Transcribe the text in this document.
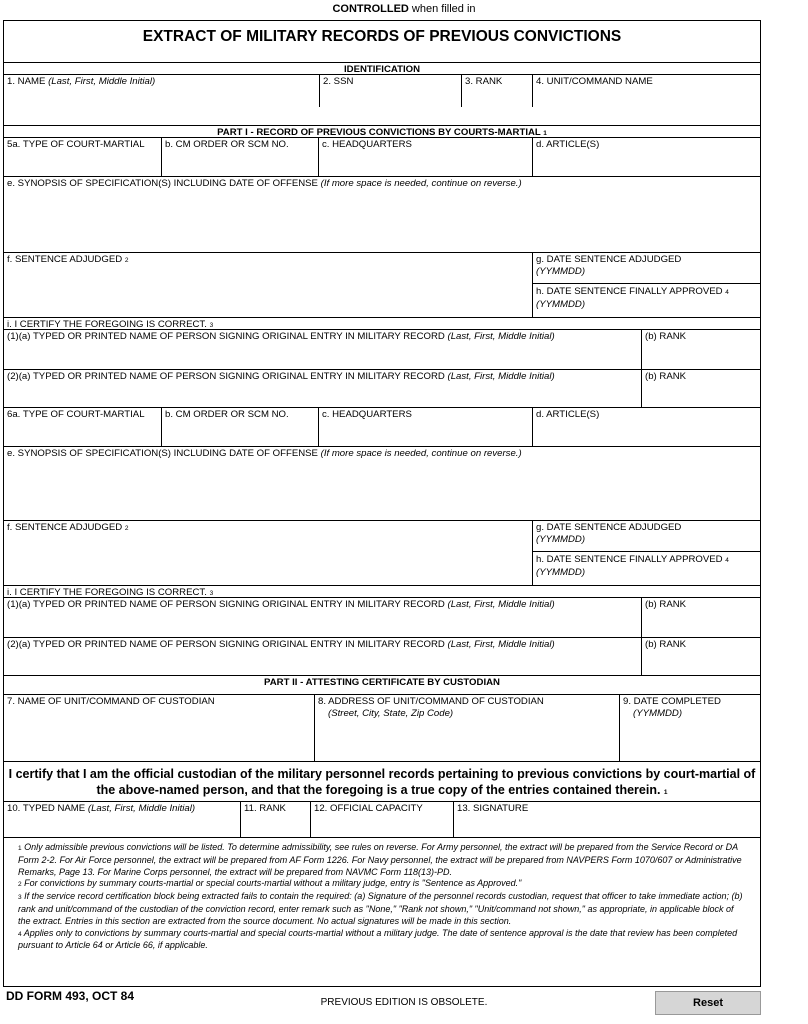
CONTROLLED when filled in
EXTRACT OF MILITARY RECORDS OF PREVIOUS CONVICTIONS
IDENTIFICATION
1. NAME (Last, First, Middle Initial)	2. SSN	3. RANK	4. UNIT/COMMAND NAME
PART I - RECORD OF PREVIOUS CONVICTIONS BY COURTS-MARTIAL 1
5a. TYPE OF COURT-MARTIAL	b. CM ORDER OR SCM NO.	c. HEADQUARTERS	d. ARTICLE(S)
e. SYNOPSIS OF SPECIFICATION(S) INCLUDING DATE OF OFFENSE (If more space is needed, continue on reverse.)
f. SENTENCE ADJUDGED 2	g. DATE SENTENCE ADJUDGED
(YYMMDD)
h. DATE SENTENCE FINALLY APPROVED 4
(YYMMDD)
i. I CERTIFY THE FOREGOING IS CORRECT. 3
(1)(a) TYPED OR PRINTED NAME OF PERSON SIGNING ORIGINAL ENTRY IN MILITARY RECORD (Last, First, Middle Initial)	(b) RANK
(2)(a) TYPED OR PRINTED NAME OF PERSON SIGNING ORIGINAL ENTRY IN MILITARY RECORD (Last, First, Middle Initial)	(b) RANK
6a. TYPE OF COURT-MARTIAL	b. CM ORDER OR SCM NO.	c. HEADQUARTERS	d. ARTICLE(S)
e. SYNOPSIS OF SPECIFICATION(S) INCLUDING DATE OF OFFENSE (If more space is needed, continue on reverse.)
f. SENTENCE ADJUDGED 2	g. DATE SENTENCE ADJUDGED
(YYMMDD)
h. DATE SENTENCE FINALLY APPROVED 4
(YYMMDD)
i. I CERTIFY THE FOREGOING IS CORRECT. 3
(1)(a) TYPED OR PRINTED NAME OF PERSON SIGNING ORIGINAL ENTRY IN MILITARY RECORD (Last, First, Middle Initial)	(b) RANK
(2)(a) TYPED OR PRINTED NAME OF PERSON SIGNING ORIGINAL ENTRY IN MILITARY RECORD (Last, First, Middle Initial)	(b) RANK
PART II - ATTESTING CERTIFICATE BY CUSTODIAN
7. NAME OF UNIT/COMMAND OF CUSTODIAN	8. ADDRESS OF UNIT/COMMAND OF CUSTODIAN
(Street, City, State, Zip Code)
9. DATE COMPLETED
(YYMMDD)
I certify that I am the official custodian of the military personnel records pertaining to previous convictions by court-martial of the above-named person, and that the foregoing is a true copy of the entries contained therein. 1
10. TYPED NAME (Last, First, Middle Initial)	11. RANK	12. OFFICIAL CAPACITY	13. SIGNATURE
1 Only admissible previous convictions will be listed. To determine admissibility, see rules on reverse. For Army personnel, the extract will be prepared from the Service Record or DA Form 2-2. For Air Force personnel, the extract will be prepared from AF Form 1226. For Navy personnel, the extract will be prepared from NAVPERS Form 1070/607 or Administrative Remarks, Page 13. For Marine Corps personnel, the extract will be prepared from NAVMC Form 118(13)-PD.
2 For convictions by summary courts-martial or special courts-martial without a military judge, entry is "Sentence as Approved."
3 If the service record certification block being extracted fails to contain the required: (a) Signature of the personnel records custodian, request that officer to take immediate action; (b) rank and unit/command of the custodian of the conviction record, enter remark such as "None," "Rank not shown," "Unit/command not shown," as appropriate, in applicable block of the extract. Entries in this section are extracted from the source document. No actual signatures will be made in this section.
4 Applies only to convictions by summary courts-martial and special courts-martial without a military judge. The date of sentence approval is the date that review has been completed pursuant to Article 64 or Article 66, if applicable.
DD FORM 493, OCT 84	PREVIOUS EDITION IS OBSOLETE.	Reset
